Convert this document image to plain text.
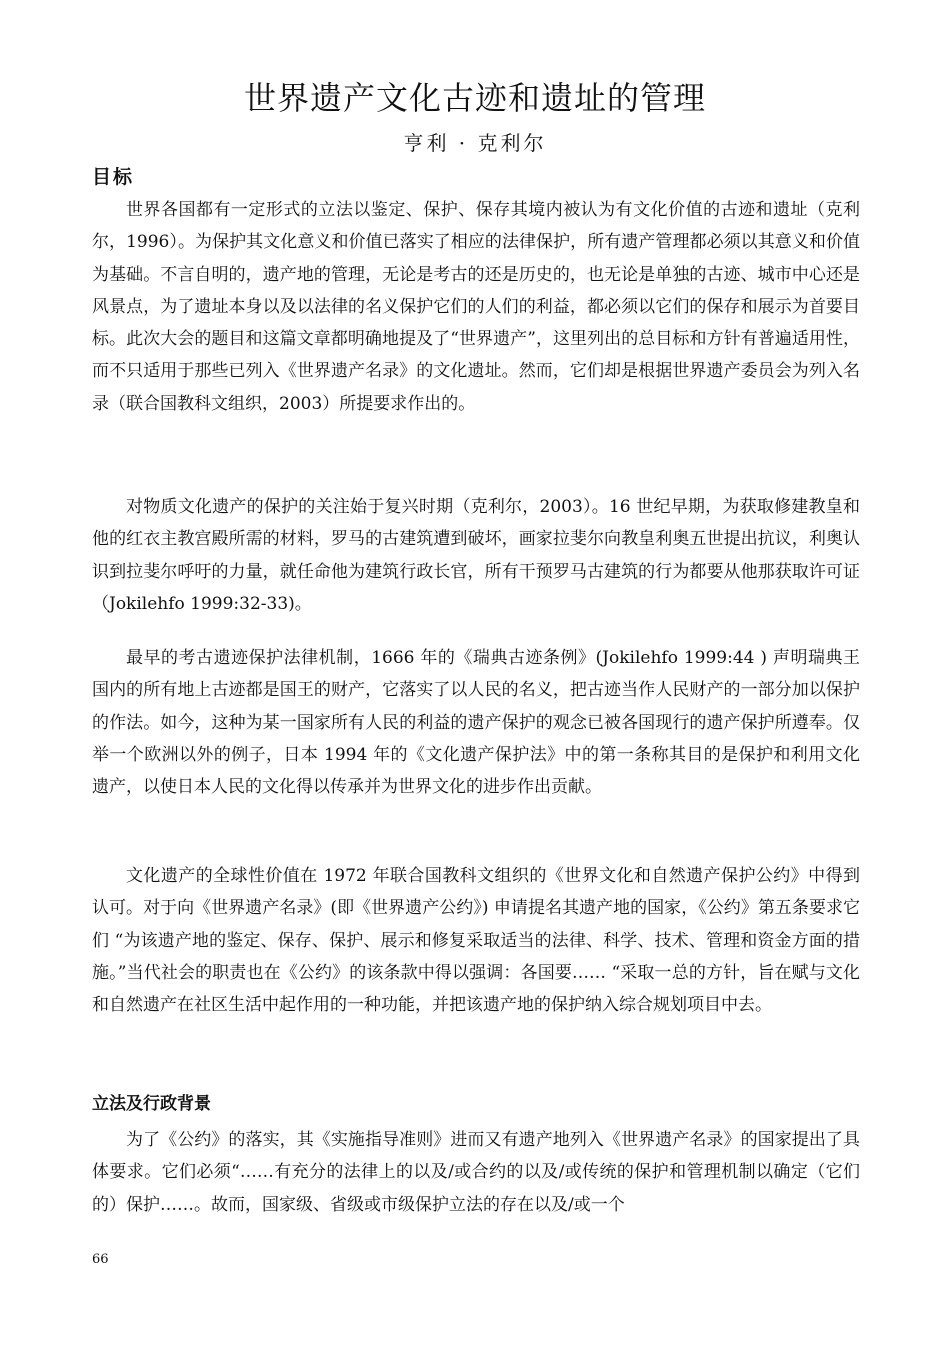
世界遗产文化古迹和遗址的管理
亨利 · 克利尔
目标

世界各国都有一定形式的立法以鉴定、保护、保存其境内被认为有文化价值的古迹和遗址（克利尔，1996）。为保护其文化意义和价值已落实了相应的法律保护，所有遗产管理都必须以其意义和价值为基础。不言自明的，遗产地的管理，无论是考古的还是历史的，也无论是单独的古迹、城市中心还是风景点，为了遗址本身以及以法律的名义保护它们的人们的利益，都必须以它们的保存和展示为首要目标。此次大会的题目和这篇文章都明确地提及了“世界遗产”，这里列出的总目标和方针有普遍适用性，而不只适用于那些已列入《世界遗产名录》的文化遗址。然而，它们却是根据世界遗产委员会为列入名录（联合国教科文组织，2003）所提要求作出的。

对物质文化遗产的保护的关注始于复兴时期（克利尔，2003）。16 世纪早期，为获取修建教皇和他的红衣主教宫殿所需的材料，罗马的古建筑遭到破坏，画家拉斐尔向教皇利奥五世提出抗议，利奥认识到拉斐尔呼吁的力量，就任命他为建筑行政长官，所有干预罗马古建筑的行为都要从他那获取许可证（Jokilehfo 1999:32-33)。

最早的考古遗迹保护法律机制，1666 年的《瑞典古迹条例》(Jokilehfo 1999:44 ) 声明瑞典王国内的所有地上古迹都是国王的财产，它落实了以人民的名义，把古迹当作人民财产的一部分加以保护的作法。如今，这种为某一国家所有人民的利益的遗产保护的观念已被各国现行的遗产保护所遵奉。仅举一个欧洲以外的例子，日本 1994 年的《文化遗产保护法》中的第一条称其目的是保护和利用文化遗产，以使日本人民的文化得以传承并为世界文化的进步作出贡献。

文化遗产的全球性价值在 1972 年联合国教科文组织的《世界文化和自然遗产保护公约》中得到认可。对于向《世界遗产名录》(即《世界遗产公约》) 申请提名其遗产地的国家，《公约》第五条要求它们 “为该遗产地的鉴定、保存、保护、展示和修复采取适当的法律、科学、技术、管理和资金方面的措施。”当代社会的职责也在《公约》的该条款中得以强调：各国要…… “采取一总的方针，旨在赋与文化和自然遗产在社区生活中起作用的一种功能，并把该遗产地的保护纳入综合规划项目中去。

立法及行政背景

为了《公约》的落实，其《实施指导准则》进而又有遗产地列入《世界遗产名录》的国家提出了具体要求。它们必须“……有充分的法律上的以及/或合约的以及/或传统的保护和管理机制以确定（它们的）保护……。故而，国家级、省级或市级保护立法的存在以及/或一个

66
